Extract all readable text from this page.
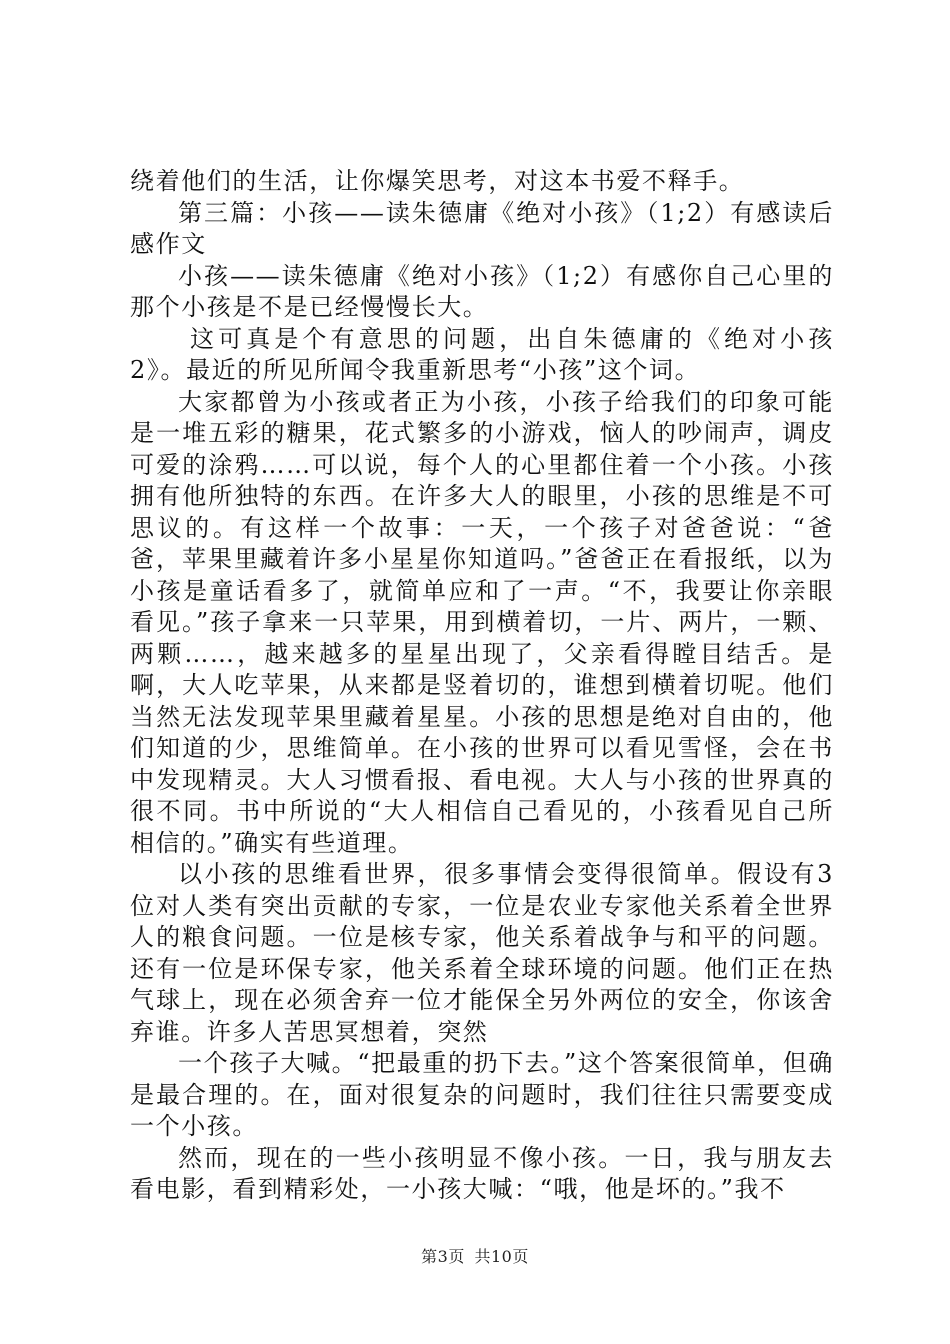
绕着他们的生活，让你爆笑思考，对这本书爱不释手。

第三篇：小孩——读朱德庸《绝对小孩》（1;2）有感读后感作文

小孩——读朱德庸《绝对小孩》（1;2）有感你自己心里的那个小孩是不是已经慢慢长大。

这可真是个有意思的问题，出自朱德庸的《绝对小孩2》。最近的所见所闻令我重新思考“小孩”这个词。

大家都曾为小孩或者正为小孩，小孩子给我们的印象可能是一堆五彩的糖果，花式繁多的小游戏，恼人的吵闹声，调皮可爱的涂鸦……可以说，每个人的心里都住着一个小孩。小孩拥有他所独特的东西。在许多大人的眼里，小孩的思维是不可思议的。有这样一个故事：一天，一个孩子对爸爸说：“爸爸，苹果里藏着许多小星星你知道吗。”爸爸正在看报纸，以为小孩是童话看多了，就简单应和了一声。“不，我要让你亲眼看见。”孩子拿来一只苹果，用到横着切，一片、两片，一颗、两颗……，越来越多的星星出现了，父亲看得瞠目结舌。是啊，大人吃苹果，从来都是竖着切的，谁想到横着切呢。他们当然无法发现苹果里藏着星星。小孩的思想是绝对自由的，他们知道的少，思维简单。在小孩的世界可以看见雪怪，会在书中发现精灵。大人习惯看报、看电视。大人与小孩的世界真的很不同。书中所说的“大人相信自己看见的，小孩看见自己所相信的。”确实有些道理。

以小孩的思维看世界，很多事情会变得很简单。假设有3位对人类有突出贡献的专家，一位是农业专家他关系着全世界人的粮食问题。一位是核专家，他关系着战争与和平的问题。还有一位是环保专家，他关系着全球环境的问题。他们正在热气球上，现在必须舍弃一位才能保全另外两位的安全，你该舍弃谁。许多人苦思冥想着，突然

一个孩子大喊。“把最重的扔下去。”这个答案很简单，但确是最合理的。在，面对很复杂的问题时，我们往往只需要变成一个小孩。

然而，现在的一些小孩明显不像小孩。一日，我与朋友去看电影，看到精彩处，一小孩大喊：“哦，他是坏的。”我不

第3页 共10页
